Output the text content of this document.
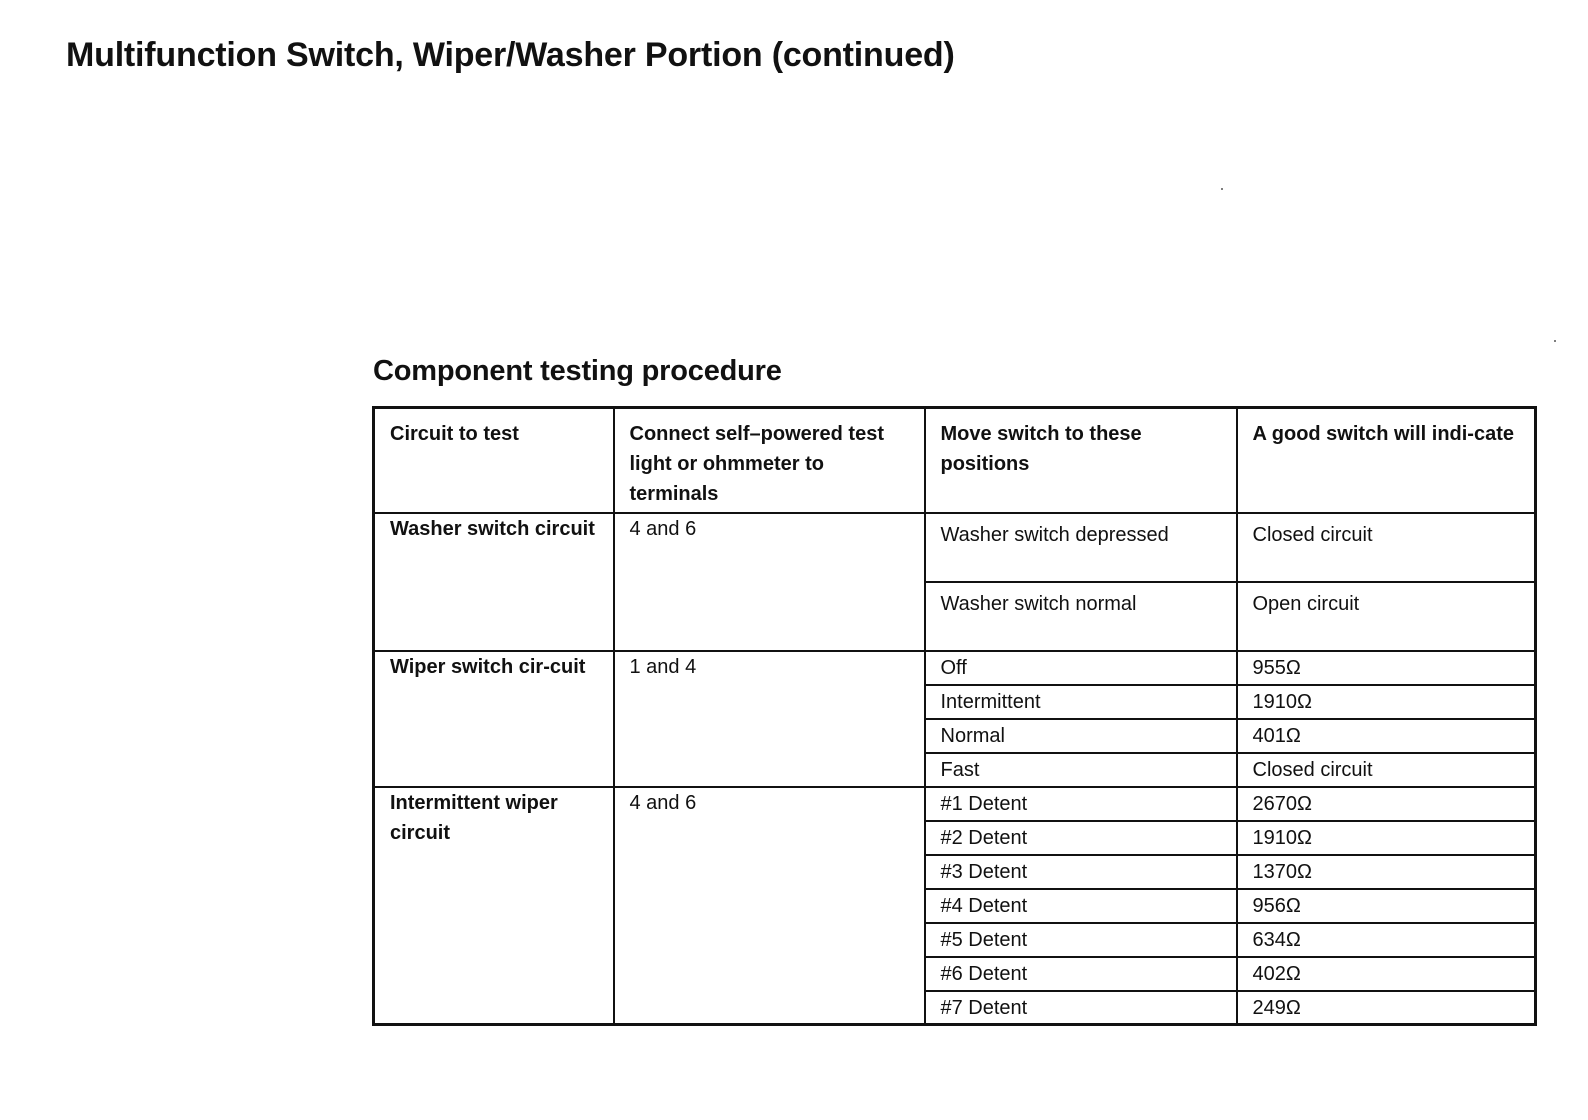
Multifunction Switch, Wiper/Washer Portion (continued)
Component testing procedure
Circuit to test	Connect self–powered test light or ohmmeter to terminals	Move switch to these positions	A good switch will indi-cate
Washer switch circuit	4 and 6	Washer switch depressed	Closed circuit
		Washer switch normal	Open circuit
Wiper switch cir-cuit	1 and 4	Off	955Ω
		Intermittent	1910Ω
		Normal	401Ω
		Fast	Closed circuit
Intermittent wiper circuit	4 and 6	#1 Detent	2670Ω
		#2 Detent	1910Ω
		#3 Detent	1370Ω
		#4 Detent	956Ω
		#5 Detent	634Ω
		#6 Detent	402Ω
		#7 Detent	249Ω
